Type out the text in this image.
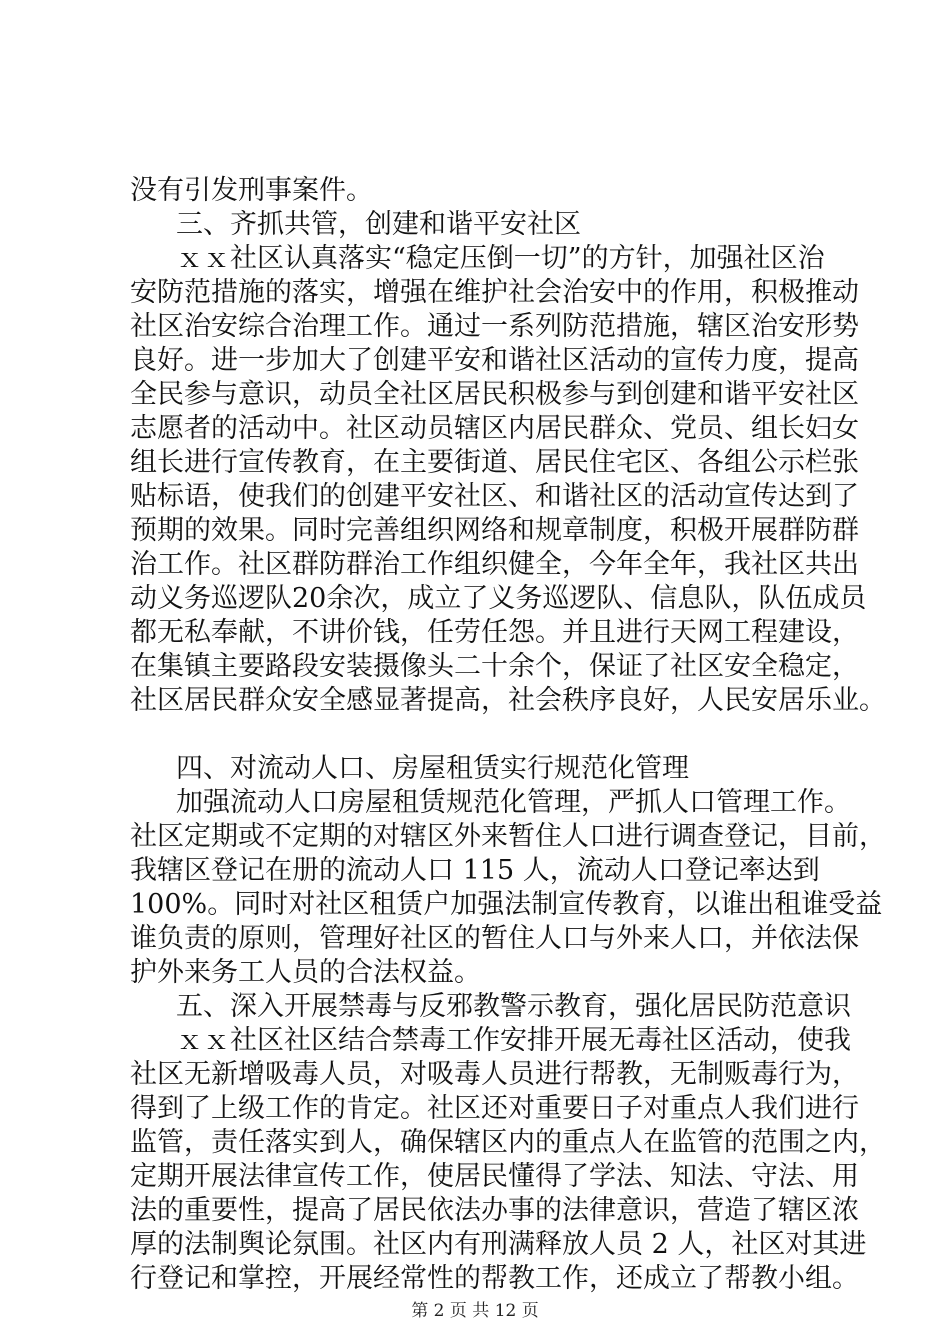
没有引发刑事案件。
三、齐抓共管，创建和谐平安社区
ｘｘ社区认真落实“稳定压倒一切”的方针，加强社区治
安防范措施的落实，增强在维护社会治安中的作用，积极推动
社区治安综合治理工作。通过一系列防范措施，辖区治安形势
良好。进一步加大了创建平安和谐社区活动的宣传力度，提高
全民参与意识，动员全社区居民积极参与到创建和谐平安社区
志愿者的活动中。社区动员辖区内居民群众、党员、组长妇女
组长进行宣传教育，在主要街道、居民住宅区、各组公示栏张
贴标语，使我们的创建平安社区、和谐社区的活动宣传达到了
预期的效果。同时完善组织网络和规章制度，积极开展群防群
治工作。社区群防群治工作组织健全，今年全年，我社区共出
动义务巡逻队20余次，成立了义务巡逻队、信息队，队伍成员
都无私奉献，不讲价钱，任劳任怨。并且进行天网工程建设，
在集镇主要路段安装摄像头二十余个，保证了社区安全稳定，
社区居民群众安全感显著提高，社会秩序良好，人民安居乐业。
四、对流动人口、房屋租赁实行规范化管理
加强流动人口房屋租赁规范化管理，严抓人口管理工作。
社区定期或不定期的对辖区外来暂住人口进行调查登记，目前，
我辖区登记在册的流动人口 115 人，流动人口登记率达到
100%。同时对社区租赁户加强法制宣传教育，以谁出租谁受益
谁负责的原则，管理好社区的暂住人口与外来人口，并依法保
护外来务工人员的合法权益。
五、深入开展禁毒与反邪教警示教育，强化居民防范意识
ｘｘ社区社区结合禁毒工作安排开展无毒社区活动，使我
社区无新增吸毒人员，对吸毒人员进行帮教，无制贩毒行为，
得到了上级工作的肯定。社区还对重要日子对重点人我们进行
监管，责任落实到人，确保辖区内的重点人在监管的范围之内，
定期开展法律宣传工作，使居民懂得了学法、知法、守法、用
法的重要性，提高了居民依法办事的法律意识，营造了辖区浓
厚的法制舆论氛围。社区内有刑满释放人员 2 人，社区对其进
行登记和掌控，开展经常性的帮教工作，还成立了帮教小组。
第 2 页 共 12 页
